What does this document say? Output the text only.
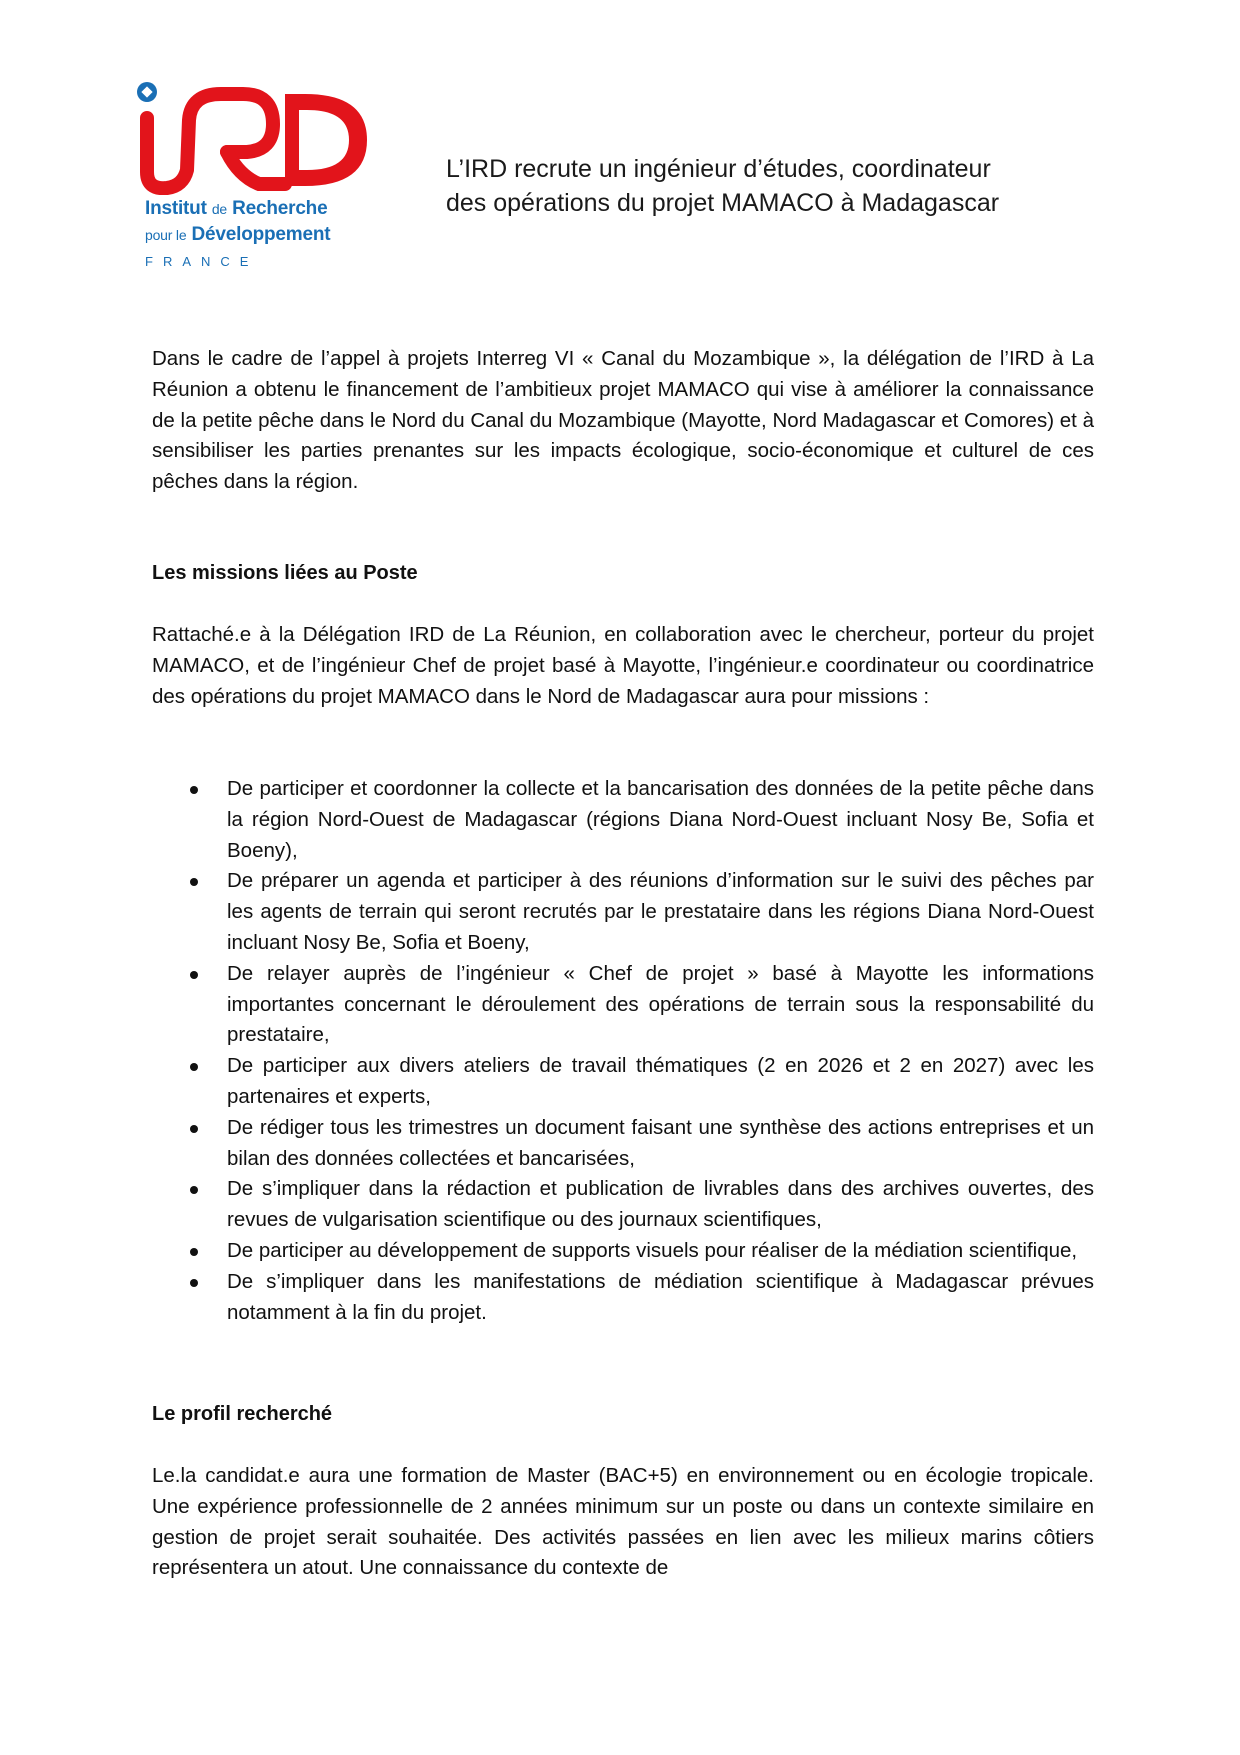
Institut de Recherche
pour le Développement
FRANCE
L’IRD recrute un ingénieur d’études, coordinateur
des opérations du projet MAMACO à Madagascar

Dans le cadre de l’appel à projets Interreg VI « Canal du Mozambique », la délégation de l’IRD à La Réunion a obtenu le financement de l’ambitieux projet MAMACO qui vise à améliorer la connaissance de la petite pêche dans le Nord du Canal du Mozambique (Mayotte, Nord Madagascar et Comores) et à sensibiliser les parties prenantes sur les impacts écologique, socio-économique et culturel de ces pêches dans la région.

Les missions liées au Poste

Rattaché.e à la Délégation IRD de La Réunion, en collaboration avec le chercheur, porteur du projet MAMACO, et de l’ingénieur Chef de projet basé à Mayotte, l’ingénieur.e coordinateur ou coordinatrice des opérations du projet MAMACO dans le Nord de Madagascar aura pour missions :

De participer et coordonner la collecte et la bancarisation des données de la petite pêche dans la région Nord-Ouest de Madagascar (régions Diana Nord-Ouest incluant Nosy Be, Sofia et Boeny),
De préparer un agenda et participer à des réunions d’information sur le suivi des pêches par les agents de terrain qui seront recrutés par le prestataire dans les régions Diana Nord-Ouest incluant Nosy Be, Sofia et Boeny,
De relayer auprès de l’ingénieur « Chef de projet » basé à Mayotte les informations importantes concernant le déroulement des opérations de terrain sous la responsabilité du prestataire,
De participer aux divers ateliers de travail thématiques (2 en 2026 et 2 en 2027) avec les partenaires et experts,
De rédiger tous les trimestres un document faisant une synthèse des actions entreprises et un bilan des données collectées et bancarisées,
De s’impliquer dans la rédaction et publication de livrables dans des archives ouvertes, des revues de vulgarisation scientifique ou des journaux scientifiques,
De participer au développement de supports visuels pour réaliser de la médiation scientifique,
De s’impliquer dans les manifestations de médiation scientifique à Madagascar prévues notamment à la fin du projet.
Le profil recherché

Le.la candidat.e aura une formation de Master (BAC+5) en environnement ou en écologie tropicale. Une expérience professionnelle de 2 années minimum sur un poste ou dans un contexte similaire en gestion de projet serait souhaitée. Des activités passées en lien avec les milieux marins côtiers représentera un atout. Une connaissance du contexte de
